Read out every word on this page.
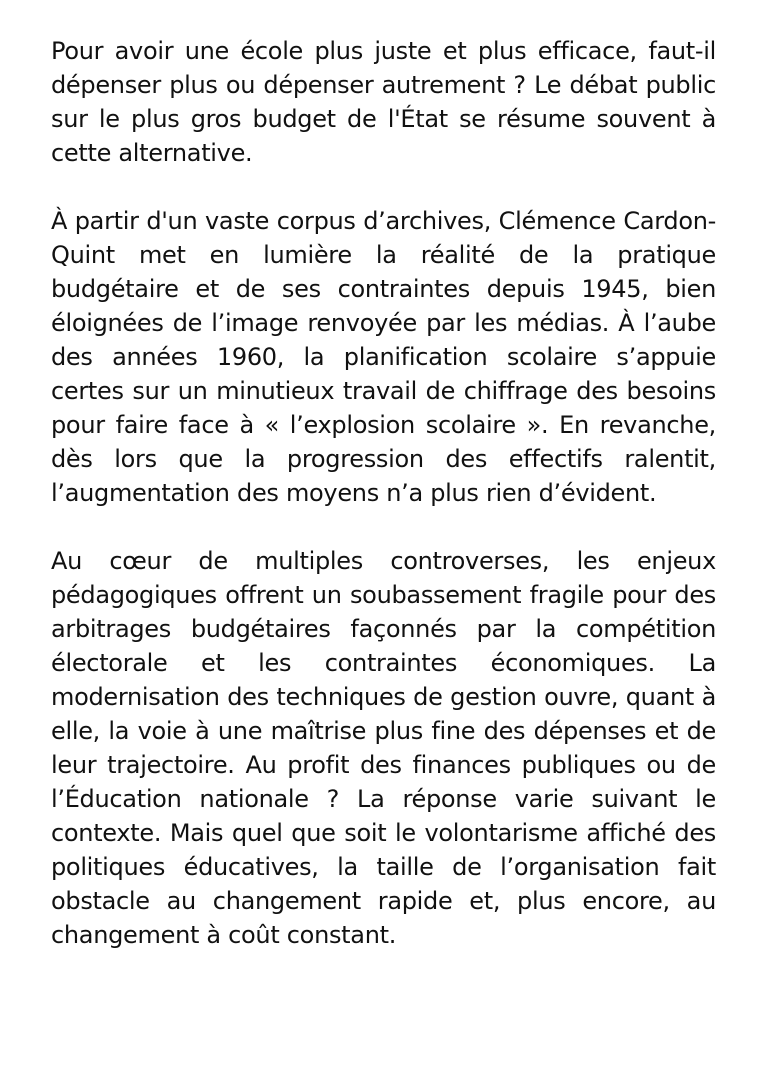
Pour avoir une école plus juste et plus efficace, faut-il dépenser plus ou dépenser autrement ? Le débat public sur le plus gros budget de l'État se résume souvent à cette alternative.

À partir d'un vaste corpus d’archives, Clémence Cardon-Quint met en lumière la réalité de la pratique budgétaire et de ses contraintes depuis 1945, bien éloignées de l’image renvoyée par les médias. À l’aube des années 1960, la planification scolaire s’appuie certes sur un minutieux travail de chiffrage des besoins pour faire face à « l’explosion scolaire ». En revanche, dès lors que la progression des effectifs ralentit, l’augmentation des moyens n’a plus rien d’évident.

Au cœur de multiples controverses, les enjeux pédagogiques offrent un soubassement fragile pour des arbitrages budgétaires façonnés par la compétition électorale et les contraintes économiques. La modernisation des techniques de gestion ouvre, quant à elle, la voie à une maîtrise plus fine des dépenses et de leur trajectoire. Au profit des finances publiques ou de l’Éducation nationale ? La réponse varie suivant le contexte. Mais quel que soit le volontarisme affiché des politiques éducatives, la taille de l’organisation fait obstacle au changement rapide et, plus encore, au changement à coût constant.
